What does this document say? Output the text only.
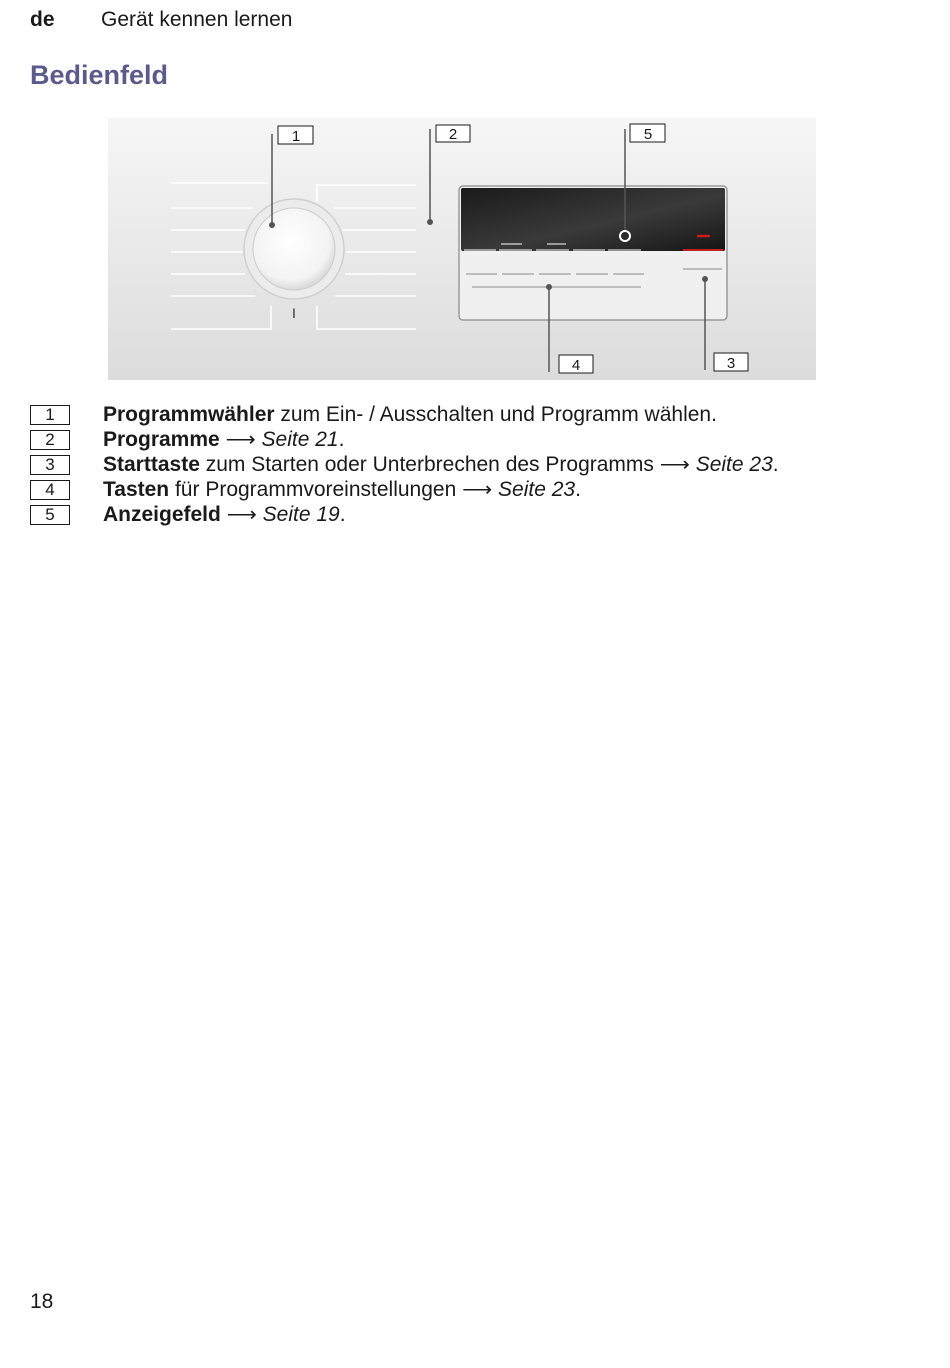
de Gerät kennen lernen
Bedienfeld
I
1	2	5
4	3
1	Programmwähler zum Ein- / Ausschalten und Programm wählen.
2	Programme ⟶ Seite 21.
3	Starttaste zum Starten oder Unterbrechen des Programms ⟶ Seite 23.
4	Tasten für Programmvoreinstellungen ⟶ Seite 23.
5	Anzeigefeld ⟶ Seite 19.
18
